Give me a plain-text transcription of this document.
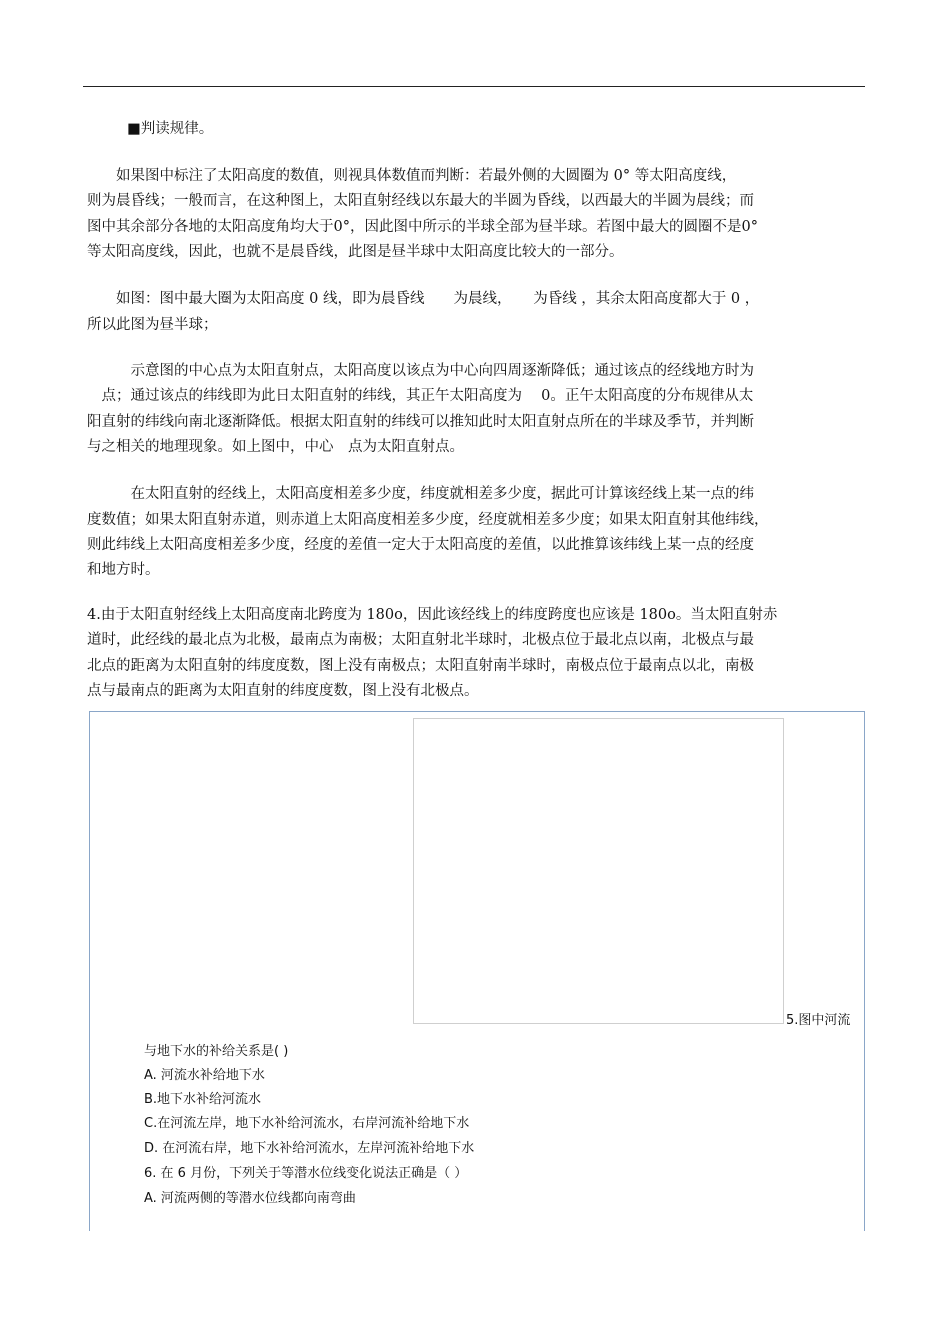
■判读规律。
　　如果图中标注了太阳高度的数值，则视具体数值而判断：若最外侧的大圆圈为 0° 等太阳高度线，
则为晨昏线；一般而言，在这种图上，太阳直射经线以东最大的半圆为昏线，以西最大的半圆为晨线；而
图中其余部分各地的太阳高度角均大于0°，因此图中所示的半球全部为昼半球。若图中最大的圆圈不是0°
等太阳高度线，因此，也就不是晨昏线，此图是昼半球中太阳高度比较大的一部分。
　　如图：图中最大圈为太阳高度 0 线，即为晨昏线　　为晨线，　　为昏线 ，其余太阳高度都大于 0 ，
所以此图为昼半球；
　　　示意图的中心点为太阳直射点，太阳高度以该点为中心向四周逐渐降低；通过该点的经线地方时为
　点；通过该点的纬线即为此日太阳直射的纬线，其正午太阳高度为　 0。正午太阳高度的分布规律从太
阳直射的纬线向南北逐渐降低。根据太阳直射的纬线可以推知此时太阳直射点所在的半球及季节，并判断
与之相关的地理现象。如上图中，中心　点为太阳直射点。
　　　在太阳直射的经线上，太阳高度相差多少度，纬度就相差多少度，据此可计算该经线上某一点的纬
度数值；如果太阳直射赤道，则赤道上太阳高度相差多少度，经度就相差多少度；如果太阳直射其他纬线，
则此纬线上太阳高度相差多少度，经度的差值一定大于太阳高度的差值，以此推算该纬线上某一点的经度
和地方时。
4.由于太阳直射经线上太阳高度南北跨度为 180o，因此该经线上的纬度跨度也应该是 180o。当太阳直射赤
道时，此经线的最北点为北极，最南点为南极；太阳直射北半球时，北极点位于最北点以南，北极点与最
北点的距离为太阳直射的纬度度数，图上没有南极点；太阳直射南半球时，南极点位于最南点以北，南极
点与最南点的距离为太阳直射的纬度度数，图上没有北极点。
5.图中河流
与地下水的补给关系是( )
A. 河流水补给地下水
B.地下水补给河流水
C.在河流左岸，地下水补给河流水，右岸河流补给地下水
D. 在河流右岸，地下水补给河流水，左岸河流补给地下水
6. 在 6 月份，下列关于等潜水位线变化说法正确是（ ）
A. 河流两侧的等潜水位线都向南弯曲
